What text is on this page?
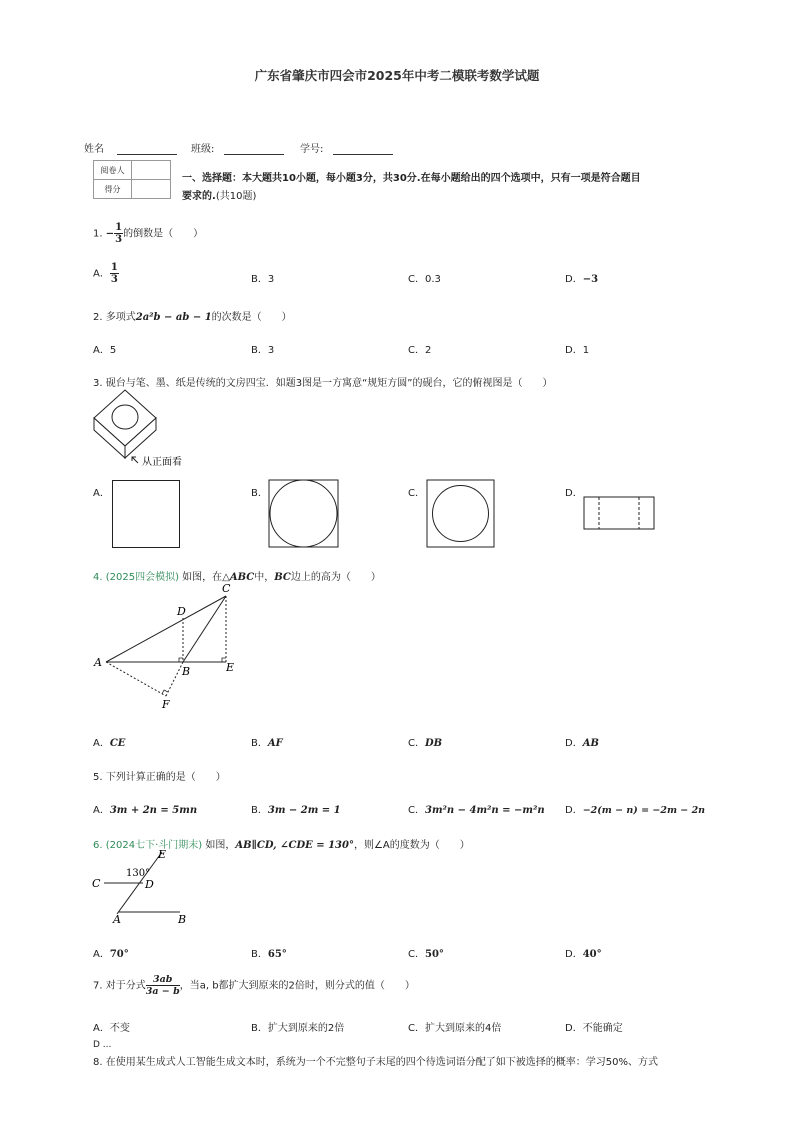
广东省肇庆市四会市2025年中考二模联考数学试题
姓名	班级:	学号:
阅卷人	
得分	
一、选择题：本大题共10小题，每小题3分，共30分.在每小题给出的四个选项中，只有一项是符合题目要求的.(共10题)
1. − $\frac{1}{3}$ 的倒数是（　　）
A． $\frac{1}{3}$	B．3	C．0.3	D．−3
2. 多项式2a²b − ab − 1的次数是（　　）
A．5	B．3	C．2	D．1
3. 砚台与笔、墨、纸是传统的文房四宝．如题3图是一方寓意“规矩方圆”的砚台，它的俯视图是（　　）
从正面看
A．	B．	C．	D．
4. (2025四会模拟) 如图，在△ABC中，BC边上的高为（　　）
A
B
C
D
E
F
A．CE	B．AF	C．DB	D．AB
5. 下列计算正确的是（　　）
A．3m + 2n = 5mn	B．3m − 2m = 1	C．3m²n − 4m²n = −m²n D．−2(m − n) = −2m − 2n
6. (2024七下·斗门期末) 如图，AB∥CD, ∠CDE = 130°，则∠A的度数为（　　）
C	D
E
A	B
130°
A．70°	B．65°	C．50°	D．40°
7. 对于分式 $\frac{3ab}{3a - b}$ ，当a, b都扩大到原来的2倍时，则分式的值（　　）
A．不变	B．扩大到原来的2倍	C．扩大到原来的4倍	D．不能确定
D ...
8. 在使用某生成式人工智能生成文本时，系统为一个不完整句子末尾的四个待选词语分配了如下被选择的概率：学习50%、方式
